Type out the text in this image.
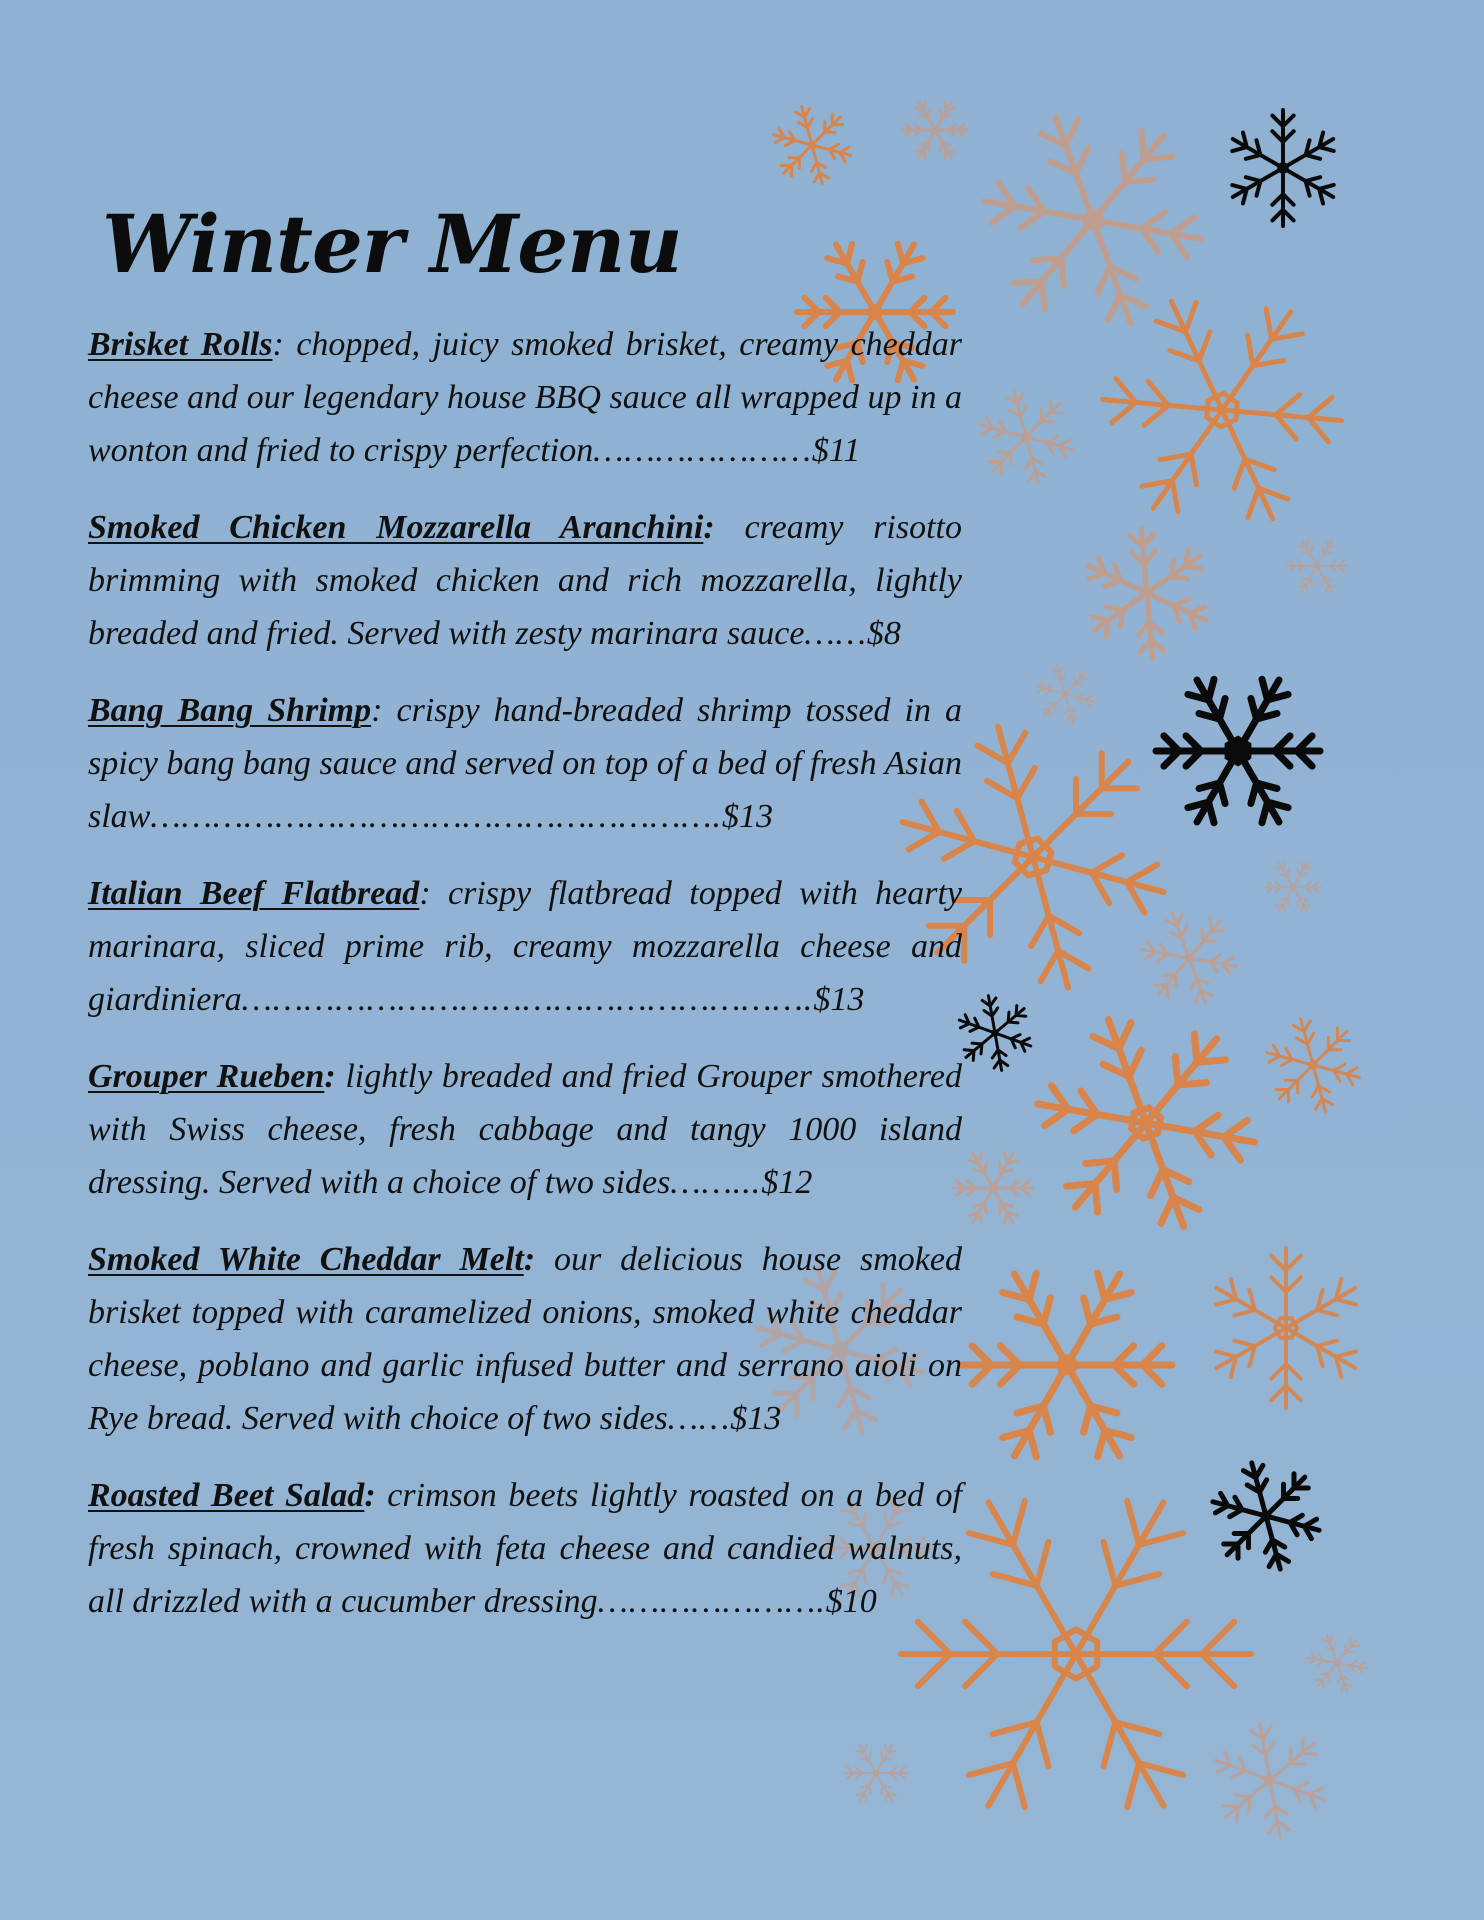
Winter Menu

Brisket Rolls: chopped, juicy smoked brisket, creamy cheddar cheese and our legendary house BBQ sauce all wrapped up in a wonton and fried to crispy perfection…………………$11

Smoked Chicken Mozzarella Aranchini: creamy risotto brimming with smoked chicken and rich mozzarella, lightly breaded and fried. Served with zesty marinara sauce……$8

Bang Bang Shrimp: crispy hand-breaded shrimp tossed in a spicy bang bang sauce and served on top of a bed of fresh Asian slaw……………………………………………….$13

Italian Beef Flatbread: crispy flatbread topped with hearty marinara, sliced prime rib, creamy mozzarella cheese and giardiniera……………………………………………….$13

Grouper Rueben: lightly breaded and fried Grouper smothered with Swiss cheese, fresh cabbage and tangy 1000 island dressing. Served with a choice of two sides……...$12

Smoked White Cheddar Melt: our delicious house smoked brisket topped with caramelized onions, smoked white cheddar cheese, poblano and garlic infused butter and serrano aioli on Rye bread. Served with choice of two sides……$13

Roasted Beet Salad: crimson beets lightly roasted on a bed of fresh spinach, crowned with feta cheese and candied walnuts, all drizzled with a cucumber dressing………………….$10
